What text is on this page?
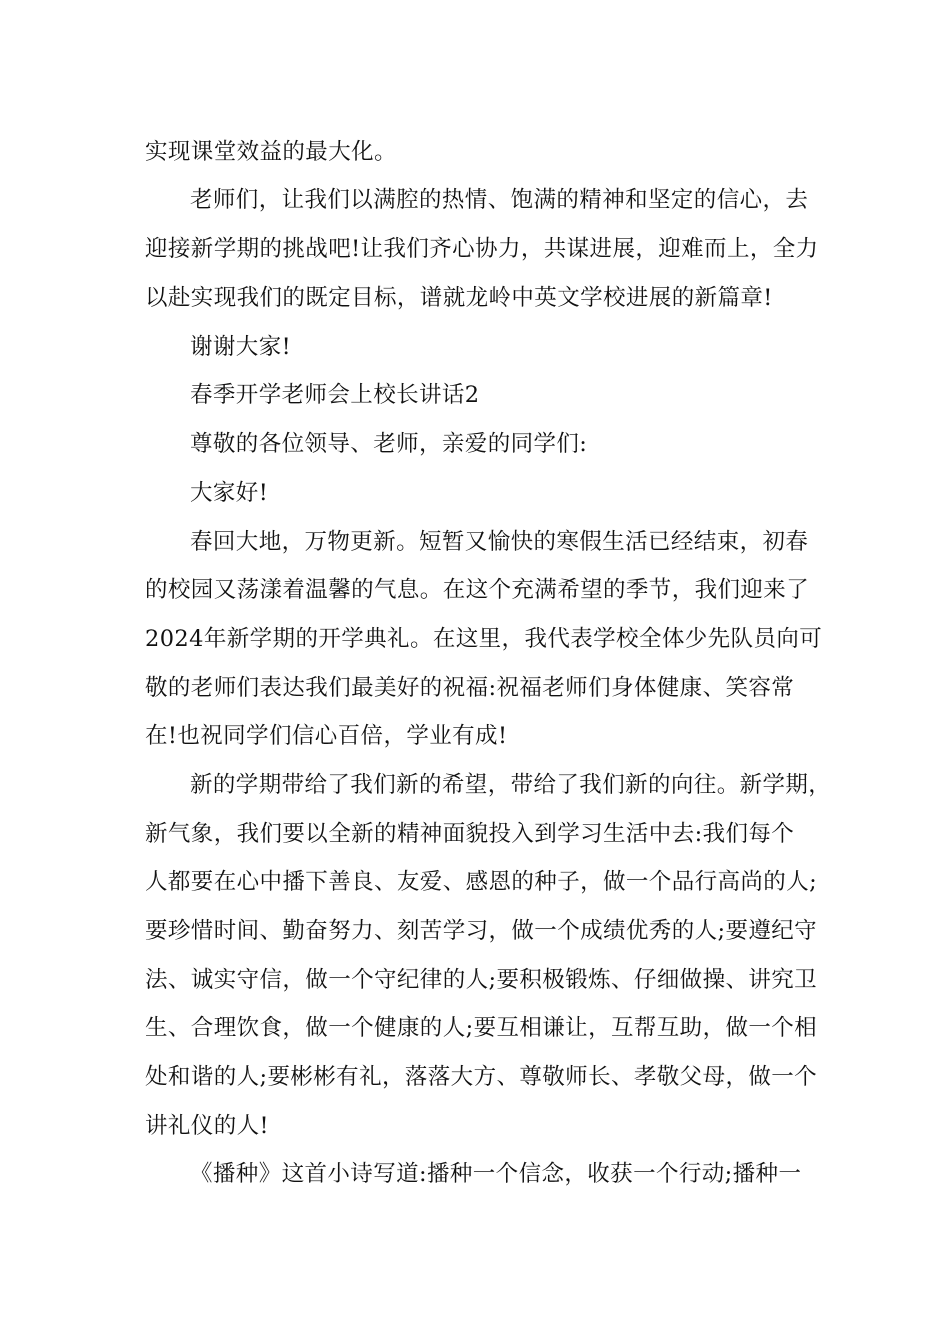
实现课堂效益的最大化。
老师们，让我们以满腔的热情、饱满的精神和坚定的信心，去
迎接新学期的挑战吧!让我们齐心协力，共谋进展，迎难而上，全力
以赴实现我们的既定目标，谱就龙岭中英文学校进展的新篇章!
谢谢大家!
春季开学老师会上校长讲话2
尊敬的各位领导、老师，亲爱的同学们:
大家好!
春回大地，万物更新。短暂又愉快的寒假生活已经结束，初春
的校园又荡漾着温馨的气息。在这个充满希望的季节，我们迎来了
2024年新学期的开学典礼。在这里，我代表学校全体少先队员向可
敬的老师们表达我们最美好的祝福:祝福老师们身体健康、笑容常
在!也祝同学们信心百倍，学业有成!
新的学期带给了我们新的希望，带给了我们新的向往。新学期，
新气象，我们要以全新的精神面貌投入到学习生活中去:我们每个
人都要在心中播下善良、友爱、感恩的种子，做一个品行高尚的人;
要珍惜时间、勤奋努力、刻苦学习，做一个成绩优秀的人;要遵纪守
法、诚实守信，做一个守纪律的人;要积极锻炼、仔细做操、讲究卫
生、合理饮食，做一个健康的人;要互相谦让，互帮互助，做一个相
处和谐的人;要彬彬有礼，落落大方、尊敬师长、孝敬父母，做一个
讲礼仪的人!
《播种》这首小诗写道:播种一个信念，收获一个行动;播种一
